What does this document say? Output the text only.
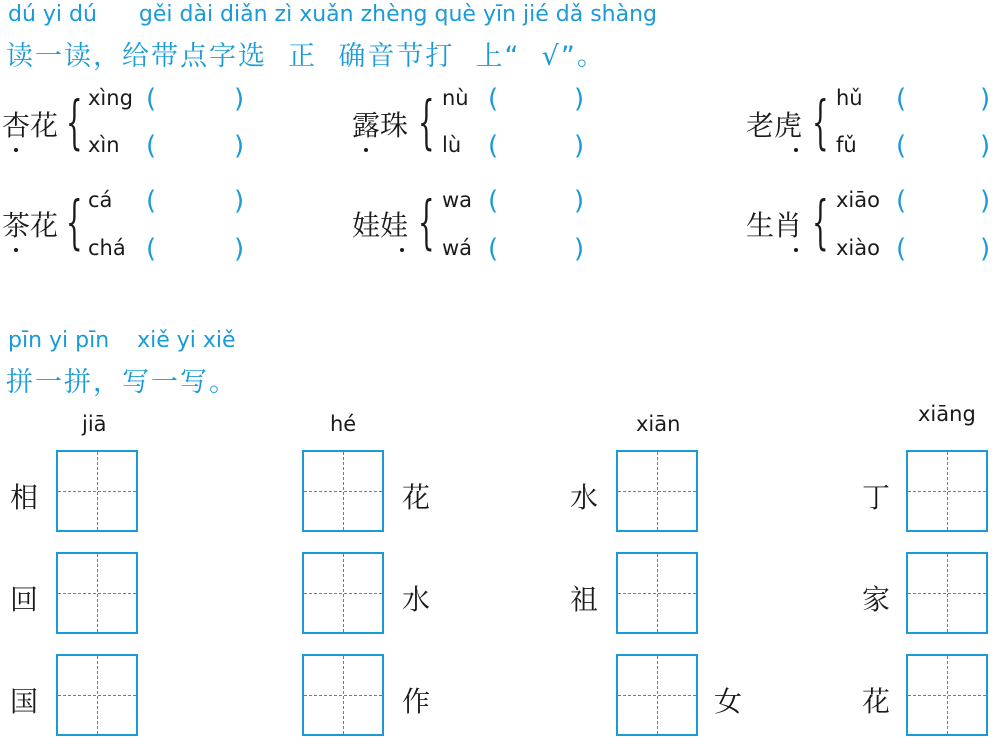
dú yi dú      gěi dài diǎn zì xuǎn zhèng què yīn jié dǎ shàng
读一读，给带点字选  正  确音节打  上“  √”。
杏花 { xìng (	)
xìn (	)
露珠 { nù (	)
lù (	)
老虎 { hǔ (	)
fǔ (	)
茶花 { cá (	)
chá (	)
娃娃 { wa (	)
wá (	)
生肖 { xiāo (	)
xiào (	)
pīn yi pīn    xiě yi xiě
拼一拼，写一写。
jiā
相
回
国
hé
花
水
作
xiān
水
祖
女
xiāng
丁
家
花
